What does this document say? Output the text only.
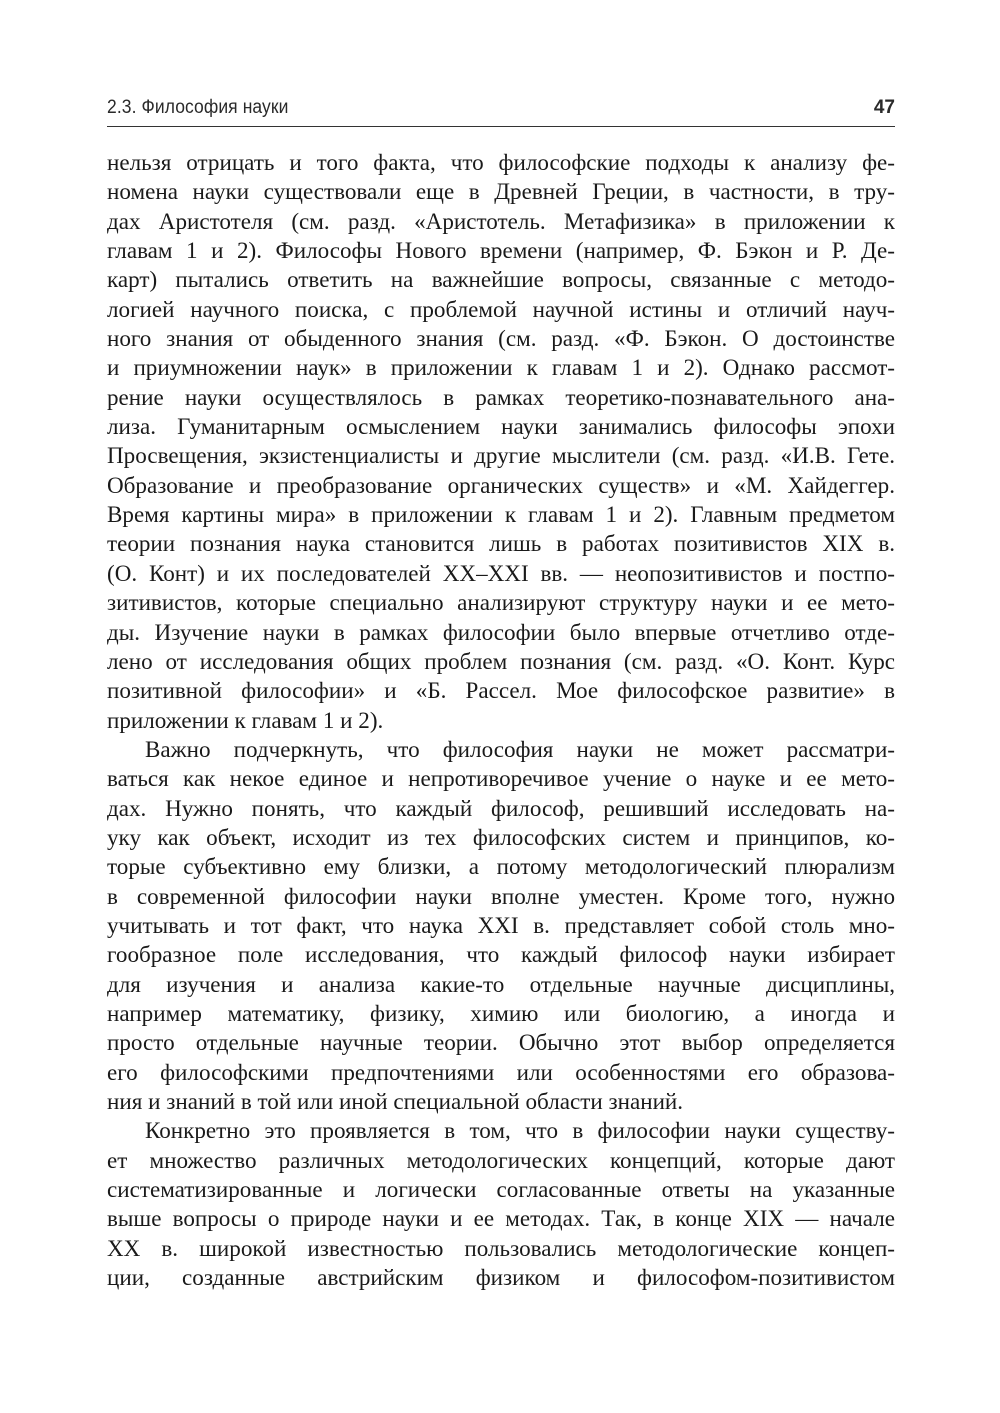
2.3. Философия науки	47

нельзя отрицать и того факта, что философские подходы к анализу фе-
номена науки существовали еще в Древней Греции, в частности, в тру-
дах Аристотеля (см. разд. «Аристотель. Метафизика» в приложении к
главам 1 и 2). Философы Нового времени (например, Ф. Бэкон и Р. Де-
карт) пытались ответить на важнейшие вопросы, связанные с методо-
логией научного поиска, с проблемой научной истины и отличий науч-
ного знания от обыденного знания (см. разд. «Ф. Бэкон. О достоинстве
и приумножении наук» в приложении к главам 1 и 2). Однако рассмот-
рение науки осуществлялось в рамках теоретико-познавательного ана-
лиза. Гуманитарным осмыслением науки занимались философы эпохи
Просвещения, экзистенциалисты и другие мыслители (см. разд. «И.В. Гете.
Образование и преобразование органических существ» и «М. Хайдеггер.
Время картины мира» в приложении к главам 1 и 2). Главным предметом
теории познания наука становится лишь в работах позитивистов XIX в.
(О. Конт) и их последователей XX–XXI вв. — неопозитивистов и постпо-
зитивистов, которые специально анализируют структуру науки и ее мето-
ды. Изучение науки в рамках философии было впервые отчетливо отде-
лено от исследования общих проблем познания (см. разд. «О. Конт. Курс
позитивной философии» и «Б. Рассел. Мое философское развитие» в
приложении к главам 1 и 2).

Важно подчеркнуть, что философия науки не может рассматри-
ваться как некое единое и непротиворечивое учение о науке и ее мето-
дах. Нужно понять, что каждый философ, решивший исследовать на-
уку как объект, исходит из тех философских систем и принципов, ко-
торые субъективно ему близки, а потому методологический плюрализм
в современной философии науки вполне уместен. Кроме того, нужно
учитывать и тот факт, что наука XXI в. представляет собой столь мно-
гообразное поле исследования, что каждый философ науки избирает
для изучения и анализа какие-то отдельные научные дисциплины,
например математику, физику, химию или биологию, а иногда и
просто отдельные научные теории. Обычно этот выбор определяется
его философскими предпочтениями или особенностями его образова-
ния и знаний в той или иной специальной области знаний.

Конкретно это проявляется в том, что в философии науки существу-
ет множество различных методологических концепций, которые дают
систематизированные и логически согласованные ответы на указанные
выше вопросы о природе науки и ее методах. Так, в конце XIX — начале
XX в. широкой известностью пользовались методологические концеп-
ции, созданные австрийским физиком и философом-позитивистом
